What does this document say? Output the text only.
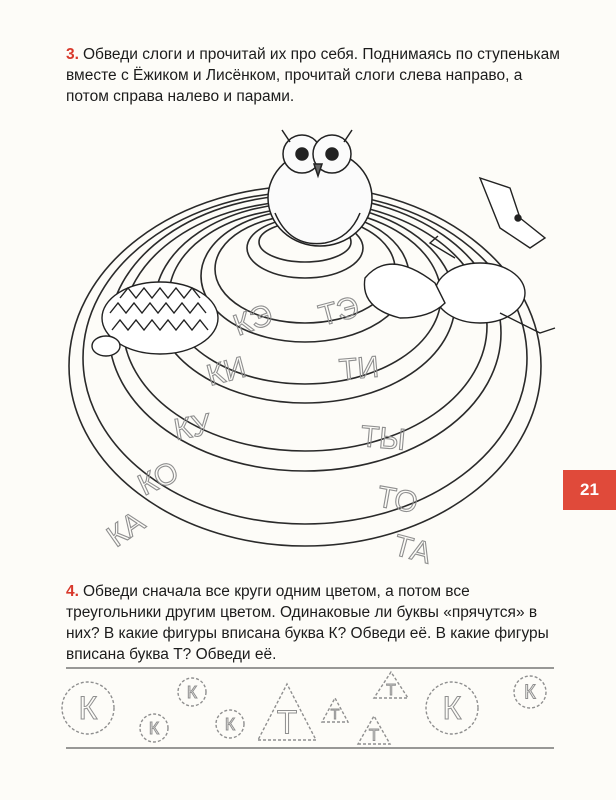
3. Обведи слоги и прочитай их про себя. Поднимаясь по ступенькам вместе с Ёжиком и Лисёнком, прочитай слоги слева направо, а потом справа налево и парами.

КЭ
КИ
КУ
КО
КА
ТЭ
ТИ
ТЫ
ТО
ТА
21

4. Обведи сначала все круги одним цветом, а потом все треугольники другим цветом. Одинаковые ли буквы «прячутся» в них? В какие фигуры вписана буква К? Обведи её. В какие фигуры вписана буква Т? Обведи её.

К
К
К
К Т Т
Т
Т К	К
